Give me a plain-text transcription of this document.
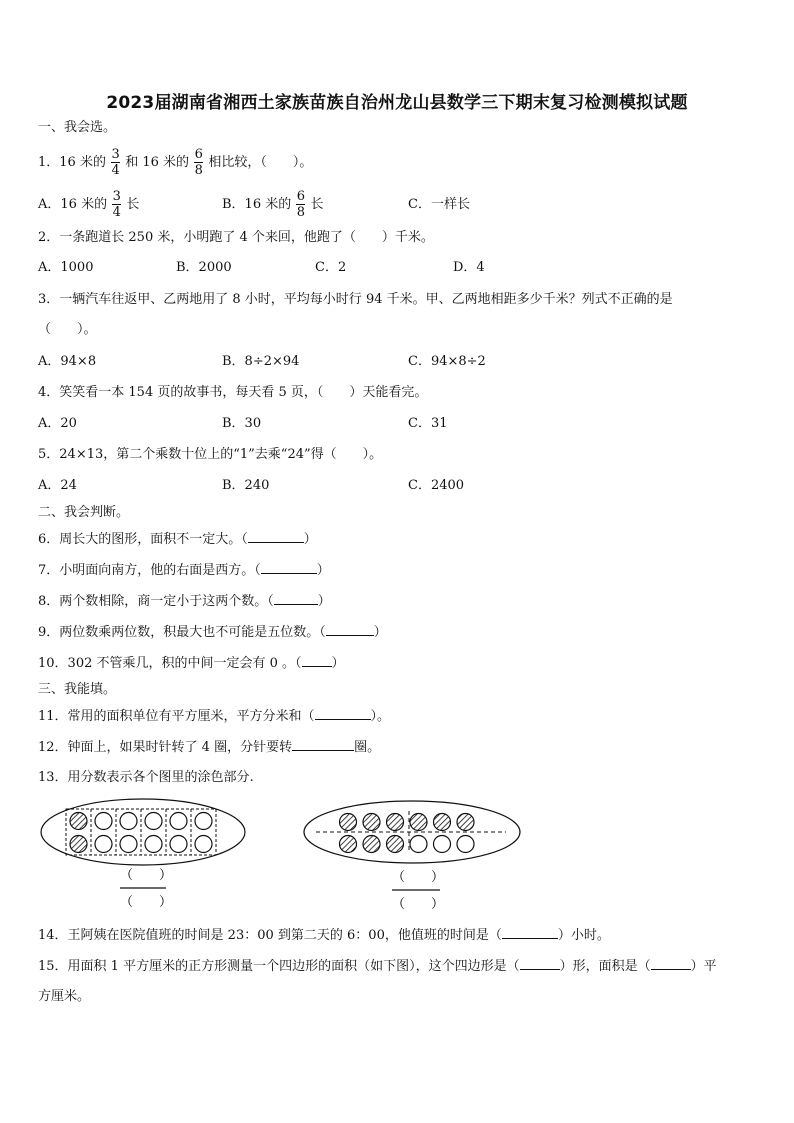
2023届湖南省湘西土家族苗族自治州龙山县数学三下期末复习检测模拟试题
一、我会选。
1．16 米的 $\frac{3}{4}$ 和 16 米的 $\frac{6}{8}$ 相比较，（　　）。
A．16 米的 $\frac{3}{4}$ 长	B．16 米的 $\frac{6}{8}$ 长	C．一样长
2．一条跑道长 250 米，小明跑了 4 个来回，他跑了（　　）千米。
A．1000	B．2000	C．2	D．4
3．一辆汽车往返甲、乙两地用了 8 小时，平均每小时行 94 千米。甲、乙两地相距多少千米？列式不正确的是
（　　）。
A．94×8	B．8÷2×94	C．94×8÷2
4．笑笑看一本 154 页的故事书，每天看 5 页，（　　）天能看完。
A．20	B．30	C．31
5．24×13，第二个乘数十位上的“1”去乘“24”得（　　）。
A．24	B．240	C．2400
二、我会判断。
6．周长大的图形，面积不一定大。（	）
7．小明面向南方，他的右面是西方。（	）
8．两个数相除，商一定小于这两个数。（	）
9．两位数乘两位数，积最大也不可能是五位数。（	）
10．302 不管乘几，积的中间一定会有 0 。（ ）
三、我能填。
11．常用的面积单位有平方厘米，平方分米和（	）。
12．钟面上，如果时针转了 4 圈，分针要转	圈。
13．用分数表示各个图里的涂色部分.
（　　）
（　　）
（　　）
（　　）
14．王阿姨在医院值班的时间是 23：00 到第二天的 6：00，他值班的时间是（	）小时。
15．用面积 1 平方厘米的正方形测量一个四边形的面积（如下图），这个四边形是（	）形，面积是（	）平
方厘米。
